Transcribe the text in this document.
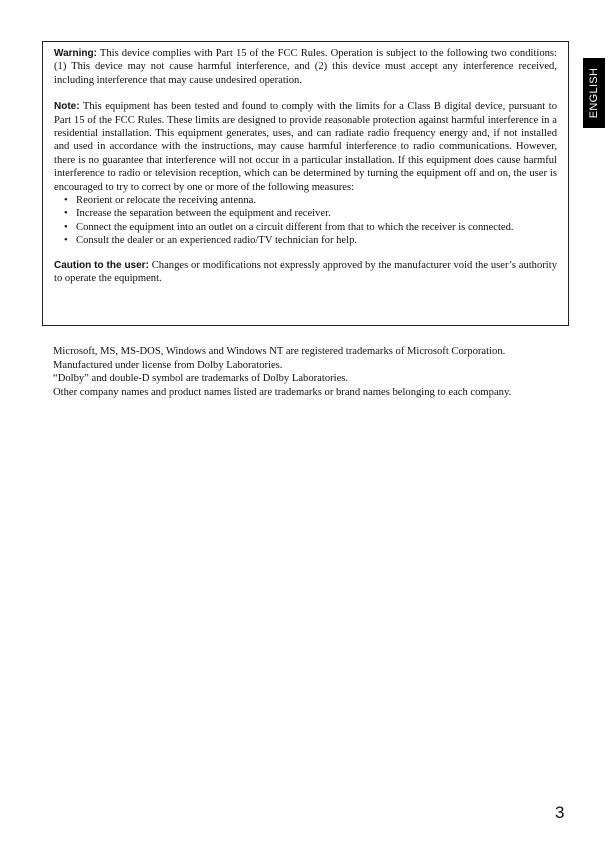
Warning: This device complies with Part 15 of the FCC Rules. Operation is subject to the following two conditions: (1) This device may not cause harmful interference, and (2) this device must accept any interference received, including interference that may cause undesired operation.

Note: This equipment has been tested and found to comply with the limits for a Class B digital device, pursuant to Part 15 of the FCC Rules. These limits are designed to provide reasonable protection against harmful interference in a residential installation. This equipment generates, uses, and can radiate radio frequency energy and, if not installed and used in accordance with the instructions, may cause harmful interference to radio communications. However, there is no guarantee that interference will not occur in a particular installation. If this equipment does cause harmful interference to radio or television reception, which can be determined by turning the equipment off and on, the user is encouraged to try to correct by one or more of the following measures:

• Reorient or relocate the receiving antenna.
• Increase the separation between the equipment and receiver.
• Connect the equipment into an outlet on a circuit different from that to which the receiver is connected.
• Consult the dealer or an experienced radio/TV technician for help.

Caution to the user: Changes or modifications not expressly approved by the manufacturer void the user’s authority to operate the equipment.

Microsoft, MS, MS-DOS, Windows and Windows NT are registered trademarks of Microsoft Corporation.

Manufactured under license from Dolby Laboratories.

“Dolby” and double-D symbol are trademarks of Dolby Laboratories.

Other company names and product names listed are trademarks or brand names belonging to each company.

ENGLISH
3
